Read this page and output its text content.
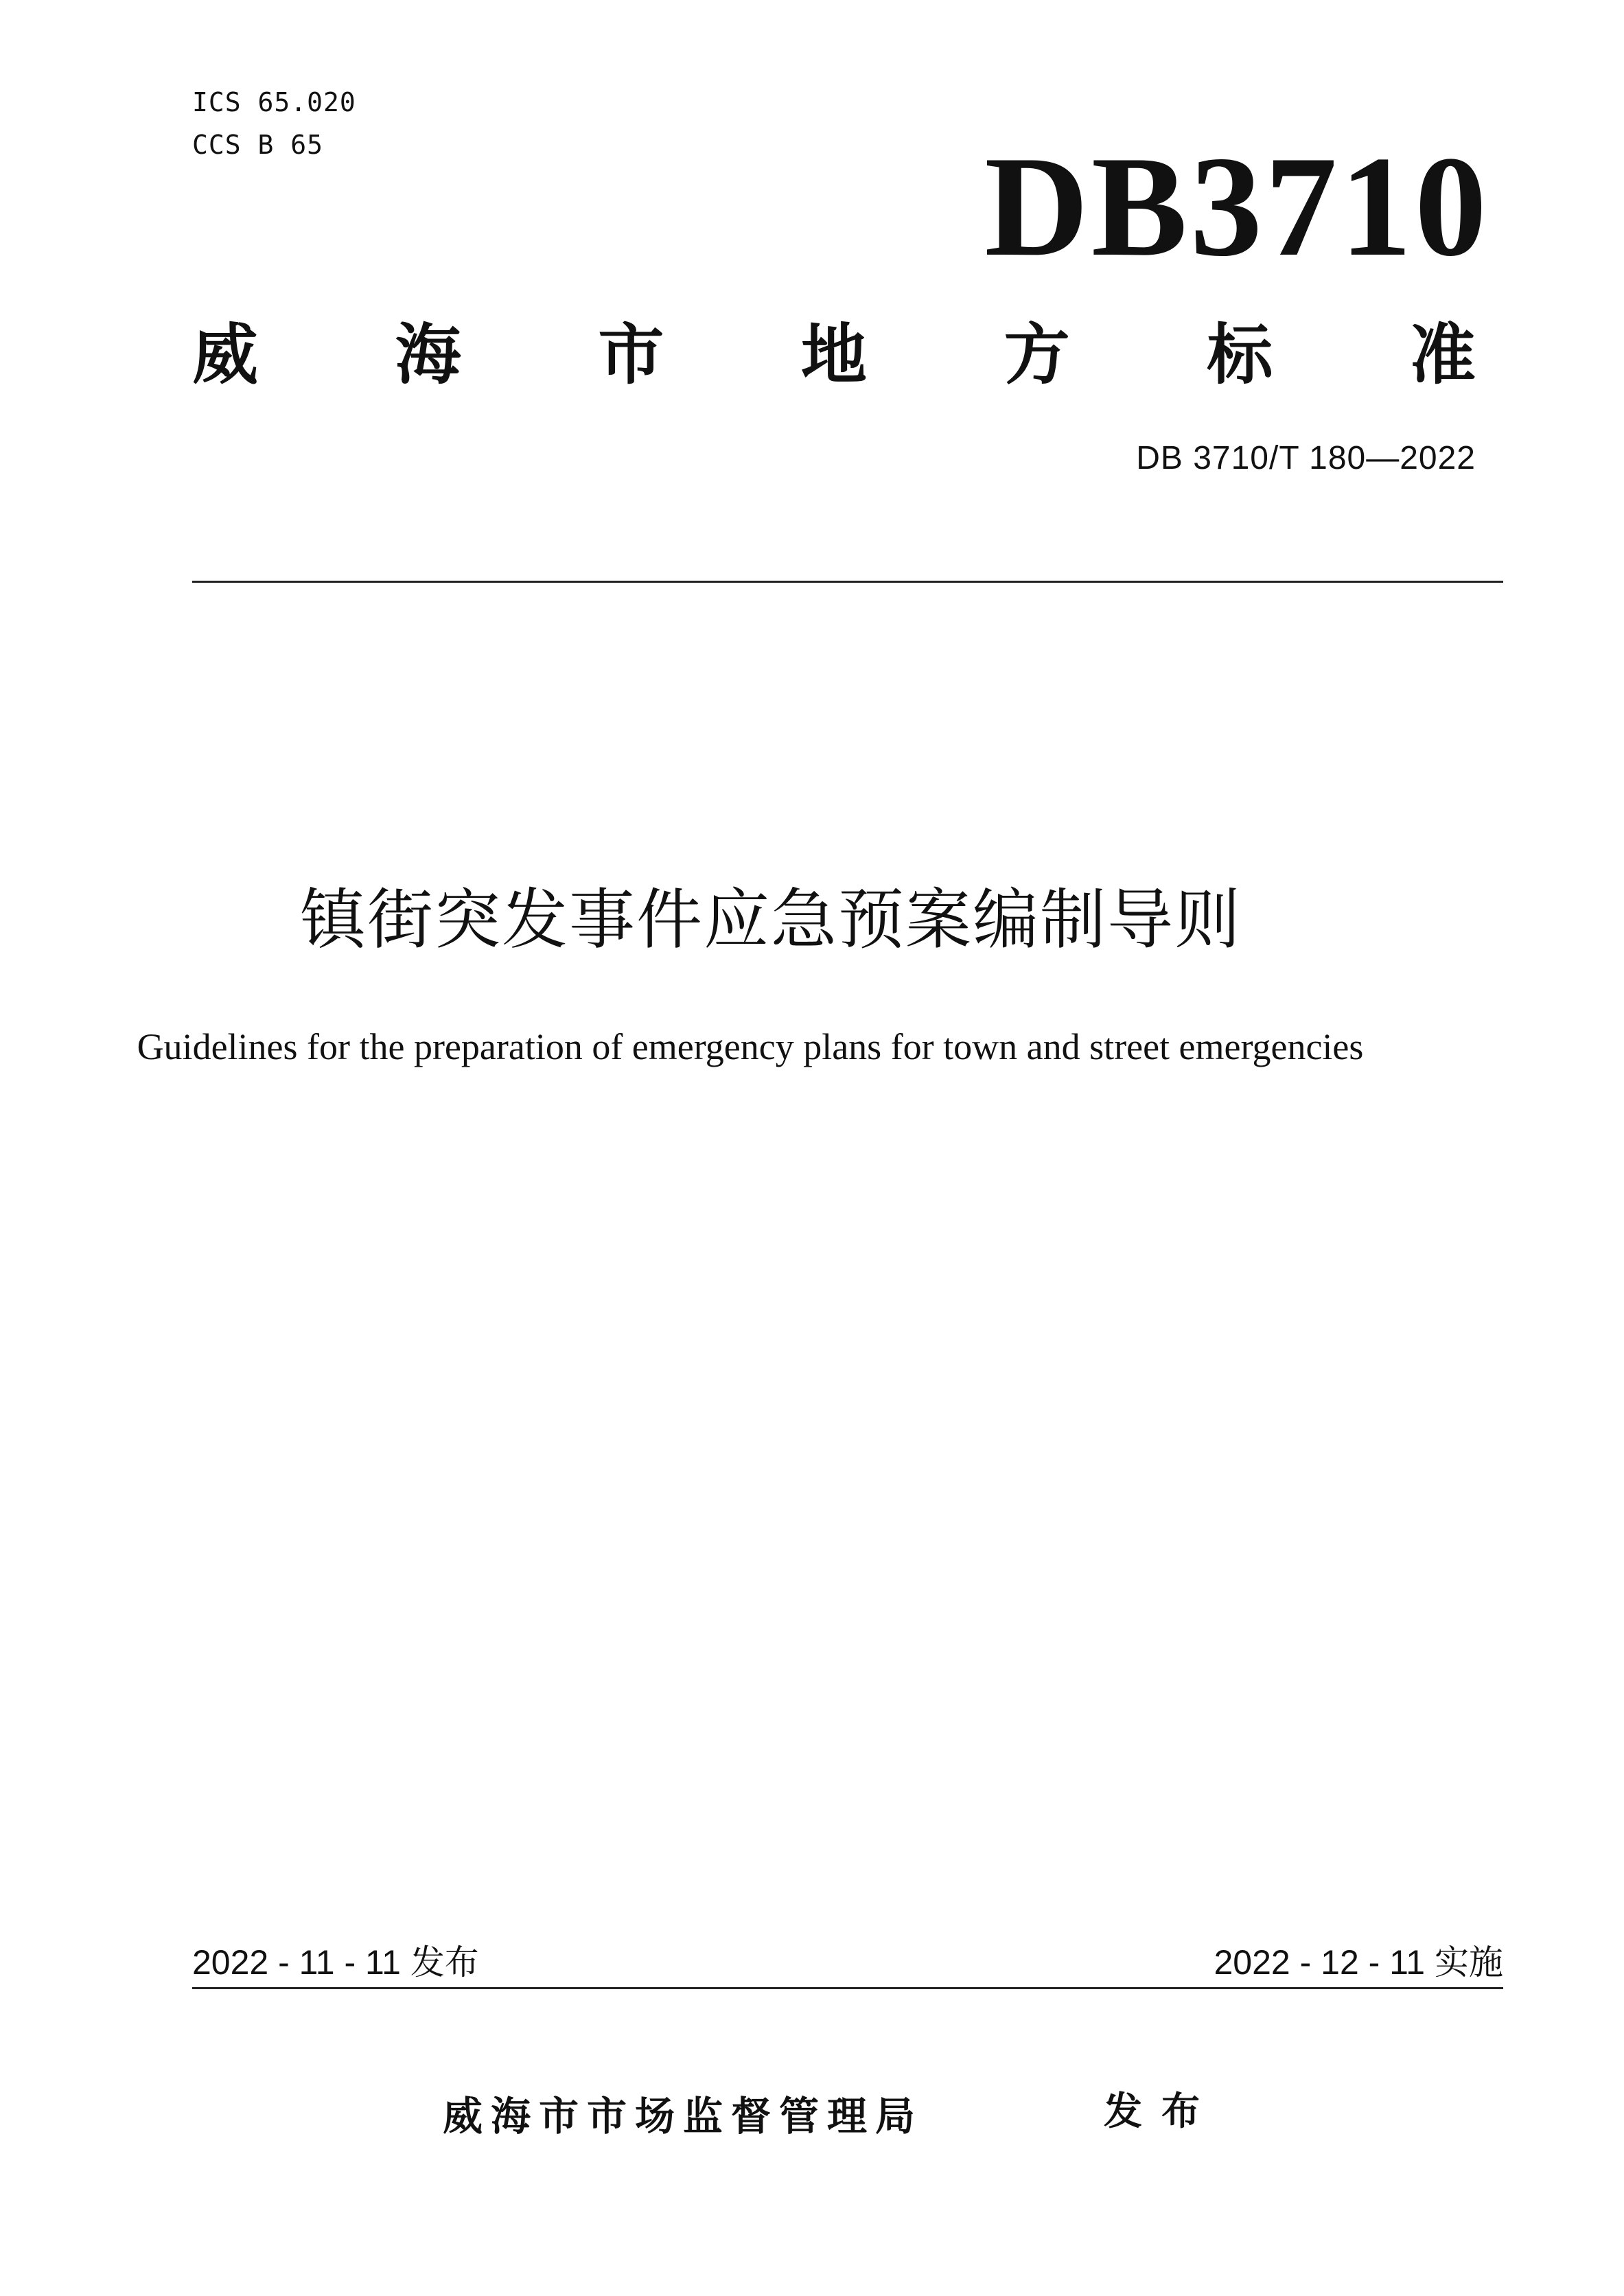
ICS 65.020
CCS B 65	DB3710
威 海 市 地 方 标 准
DB 3710/T 180—2022
镇街突发事件应急预案编制导则
Guidelines for the preparation of emergency plans for town and street emergencies
2022 - 11 - 11 发布	2022 - 12 - 11 实施
威海市市场监督管理局	发布
